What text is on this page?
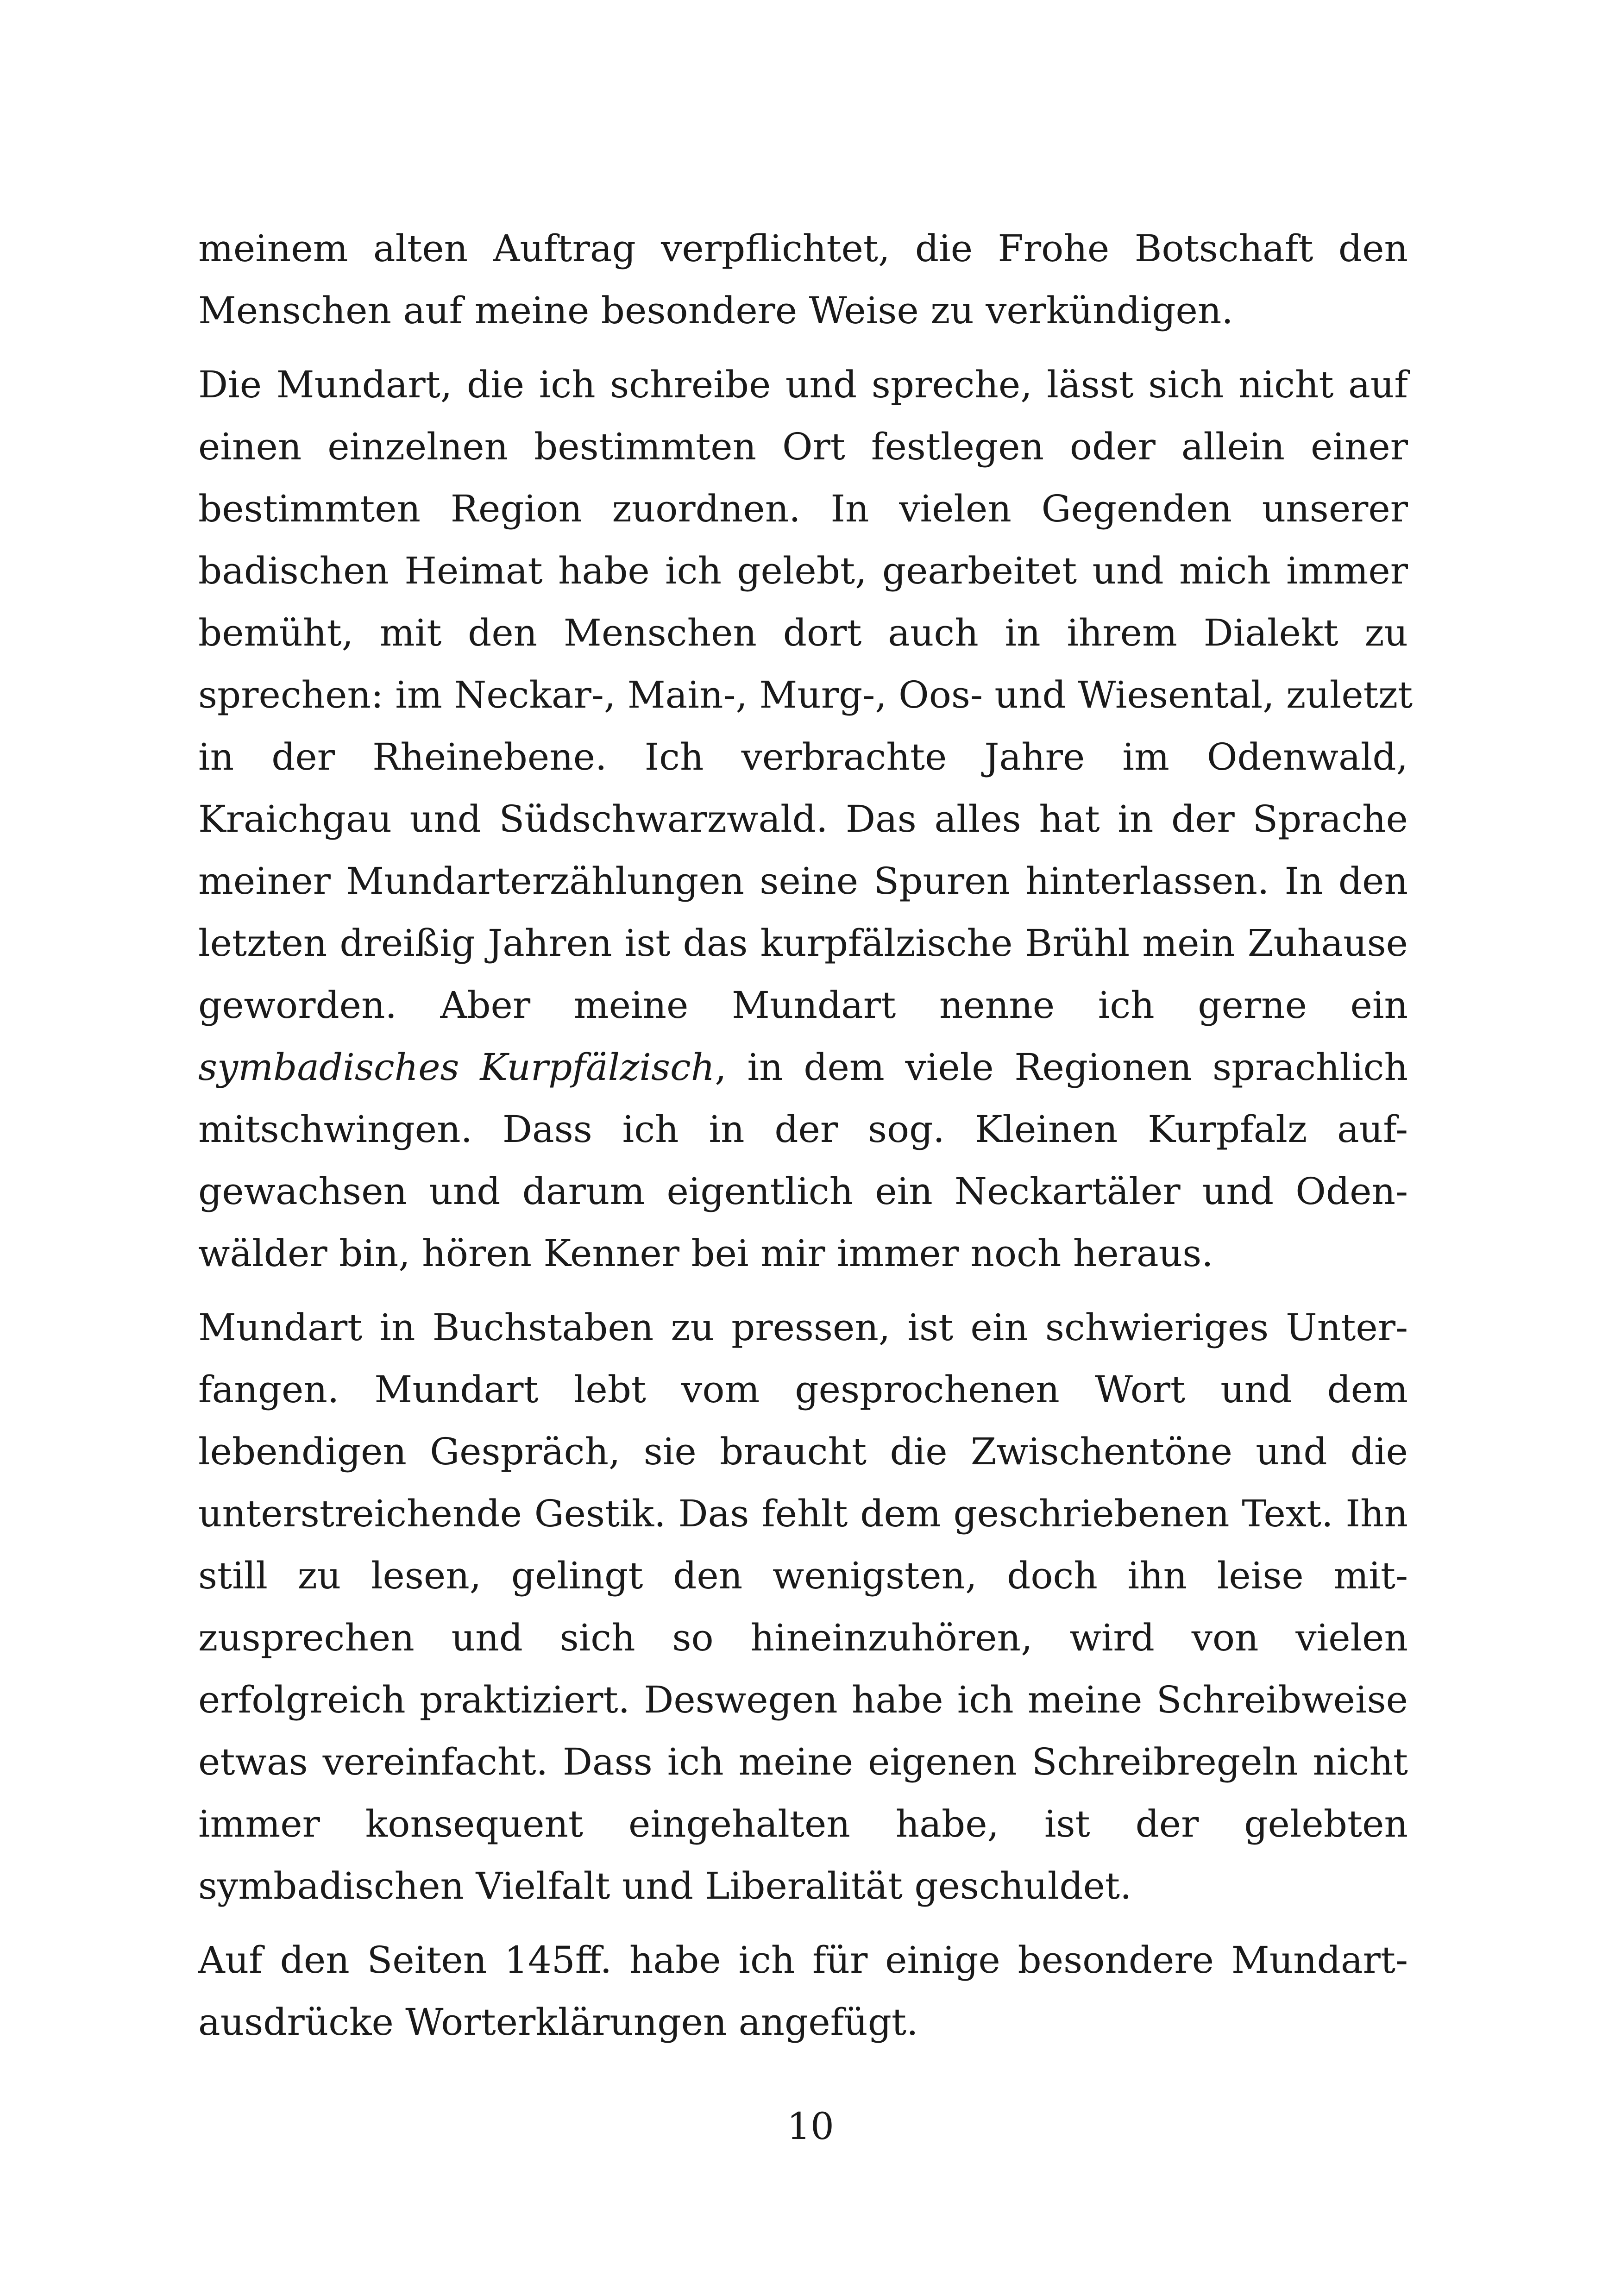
meinem alten Auftrag verpflichtet, die Frohe Botschaft den
Menschen auf meine besondere Weise zu verkündigen.

Die Mundart, die ich schreibe und spreche, lässt sich nicht auf
einen einzelnen bestimmten Ort festlegen oder allein einer
bestimmten Region zuordnen. In vielen Gegenden unserer
badischen Heimat habe ich gelebt, gearbeitet und mich immer
bemüht, mit den Menschen dort auch in ihrem Dialekt zu
sprechen: im Neckar-, Main-, Murg-, Oos- und Wiesental, zuletzt
in der Rheinebene. Ich verbrachte Jahre im Odenwald,
Kraichgau und Südschwarzwald. Das alles hat in der Sprache
meiner Mundarterzählungen seine Spuren hinterlassen. In den
letzten dreißig Jahren ist das kurpfälzische Brühl mein Zuhause
geworden. Aber meine Mundart nenne ich gerne ein
symbadisches Kurpfälzisch, in dem viele Regionen sprachlich
mitschwingen. Dass ich in der sog. Kleinen Kurpfalz auf-
gewachsen und darum eigentlich ein Neckartäler und Oden-
wälder bin, hören Kenner bei mir immer noch heraus.

Mundart in Buchstaben zu pressen, ist ein schwieriges Unter-
fangen. Mundart lebt vom gesprochenen Wort und dem
lebendigen Gespräch, sie braucht die Zwischentöne und die
unterstreichende Gestik. Das fehlt dem geschriebenen Text. Ihn
still zu lesen, gelingt den wenigsten, doch ihn leise mit-
zusprechen und sich so hineinzuhören, wird von vielen
erfolgreich praktiziert. Deswegen habe ich meine Schreibweise
etwas vereinfacht. Dass ich meine eigenen Schreibregeln nicht
immer konsequent eingehalten habe, ist der gelebten
symbadischen Vielfalt und Liberalität geschuldet.

Auf den Seiten 145ff. habe ich für einige besondere Mundart-
ausdrücke Worterklärungen angefügt.

10
